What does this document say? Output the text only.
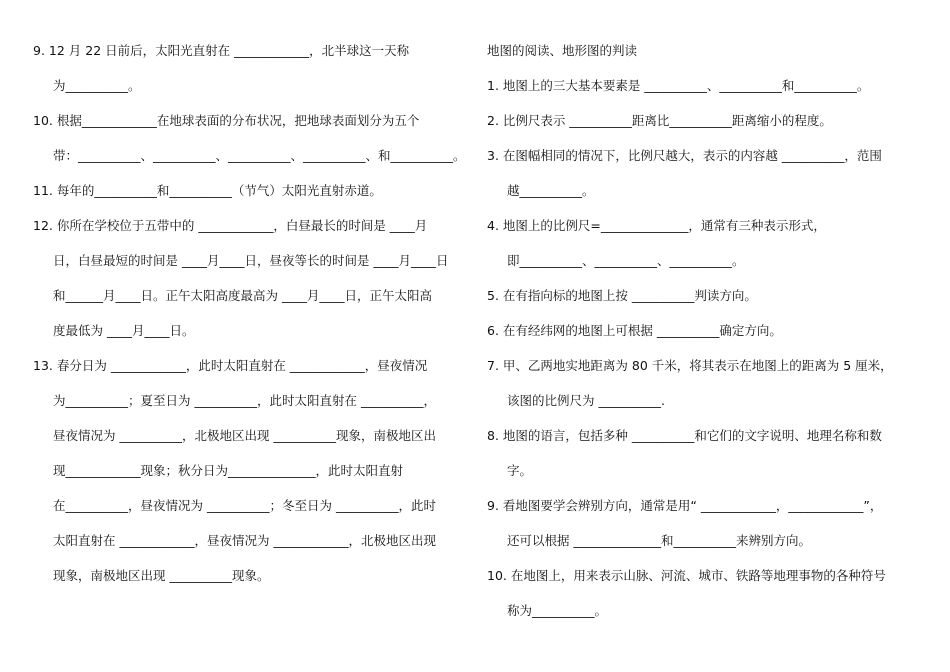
9. 12 月 22 日前后，太阳光直射在 ____________，北半球这一天称
为__________。
10. 根据____________在地球表面的分布状况，把地球表面划分为五个
带：__________、__________、__________、__________、和__________。
11. 每年的__________和__________（节气）太阳光直射赤道。
12. 你所在学校位于五带中的 ____________，白昼最长的时间是 ____月
日，白昼最短的时间是 ____月____日，昼夜等长的时间是 ____月____日
和______月____日。正午太阳高度最高为 ____月____日，正午太阳高
度最低为 ____月____日。
13. 春分日为 ____________，此时太阳直射在 ____________，昼夜情况
为__________；夏至日为 __________，此时太阳直射在 __________，
昼夜情况为 __________，北极地区出现 __________现象，南极地区出
现____________现象；秋分日为______________，此时太阳直射
在__________，昼夜情况为 __________；冬至日为 __________，此时
太阳直射在 ____________，昼夜情况为 ____________，北极地区出现
现象，南极地区出现 __________现象。
地图的阅读、地形图的判读
1. 地图上的三大基本要素是 __________、__________和__________。
2. 比例尺表示 __________距离比__________距离缩小的程度。
3. 在图幅相同的情况下，比例尺越大，表示的内容越 __________，范围
越__________。
4. 地图上的比例尺=______________，通常有三种表示形式，
即__________、__________、__________。
5. 在有指向标的地图上按 __________判读方向。
6. 在有经纬网的地图上可根据 __________确定方向。
7. 甲、乙两地实地距离为 80 千米，将其表示在地图上的距离为 5 厘米，
该图的比例尺为 __________.
8. 地图的语言，包括多种 __________和它们的文字说明、地理名称和数
字。
9. 看地图要学会辨别方向，通常是用“ ____________，____________”，
还可以根据 ______________和__________来辨别方向。
10. 在地图上，用来表示山脉、河流、城市、铁路等地理事物的各种符号
称为__________。
